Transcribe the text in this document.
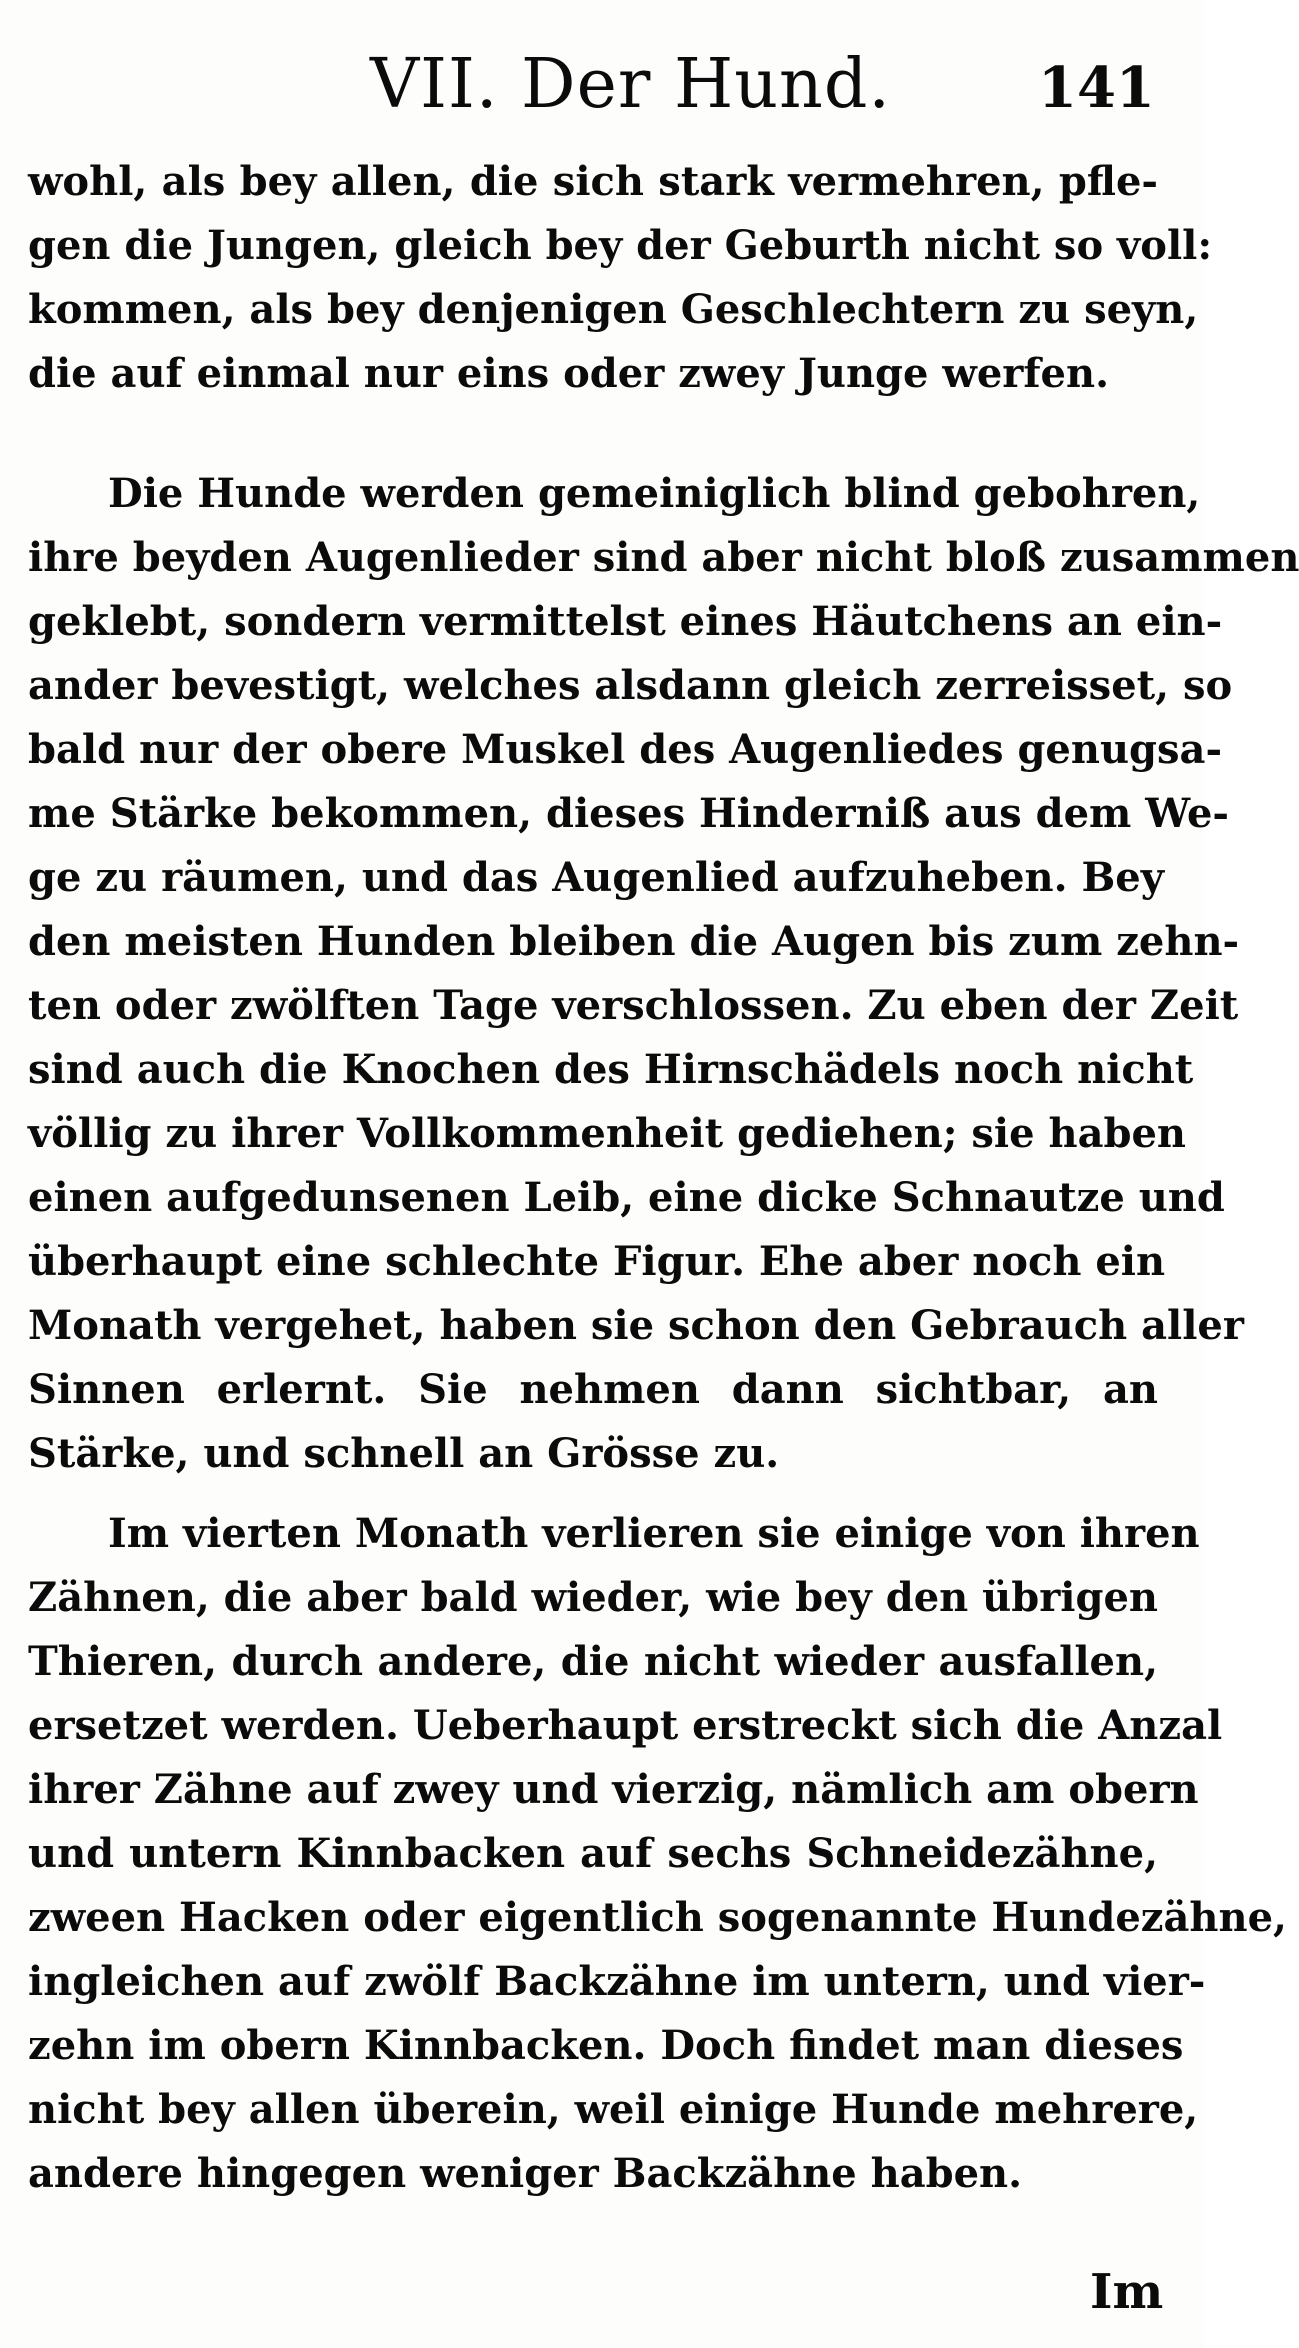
VII. Der Hund.	141
wohl, als bey allen, die sich stark vermehren, pfle-
gen die Jungen, gleich bey der Geburth nicht so voll:
kommen, als bey denjenigen Geschlechtern zu seyn,
die auf einmal nur eins oder zwey Junge werfen.
Die Hunde werden gemeiniglich blind gebohren,
ihre beyden Augenlieder sind aber nicht bloß zusammen
geklebt, sondern vermittelst eines Häutchens an ein-
ander bevestigt, welches alsdann gleich zerreisset, so
bald nur der obere Muskel des Augenliedes genugsa-
me Stärke bekommen, dieses Hinderniß aus dem We-
ge zu räumen, und das Augenlied aufzuheben. Bey
den meisten Hunden bleiben die Augen bis zum zehn-
ten oder zwölften Tage verschlossen. Zu eben der Zeit
sind auch die Knochen des Hirnschädels noch nicht
völlig zu ihrer Vollkommenheit gediehen; sie haben
einen aufgedunsenen Leib, eine dicke Schnautze und
überhaupt eine schlechte Figur. Ehe aber noch ein
Monath vergehet, haben sie schon den Gebrauch aller
Sinnen erlernt. Sie nehmen dann sichtbar, an
Stärke, und schnell an Grösse zu.
Im vierten Monath verlieren sie einige von ihren
Zähnen, die aber bald wieder, wie bey den übrigen
Thieren, durch andere, die nicht wieder ausfallen,
ersetzet werden. Ueberhaupt erstreckt sich die Anzal
ihrer Zähne auf zwey und vierzig, nämlich am obern
und untern Kinnbacken auf sechs Schneidezähne,
zween Hacken oder eigentlich sogenannte Hundezähne,
ingleichen auf zwölf Backzähne im untern, und vier-
zehn im obern Kinnbacken. Doch findet man dieses
nicht bey allen überein, weil einige Hunde mehrere,
andere hingegen weniger Backzähne haben.
Im
